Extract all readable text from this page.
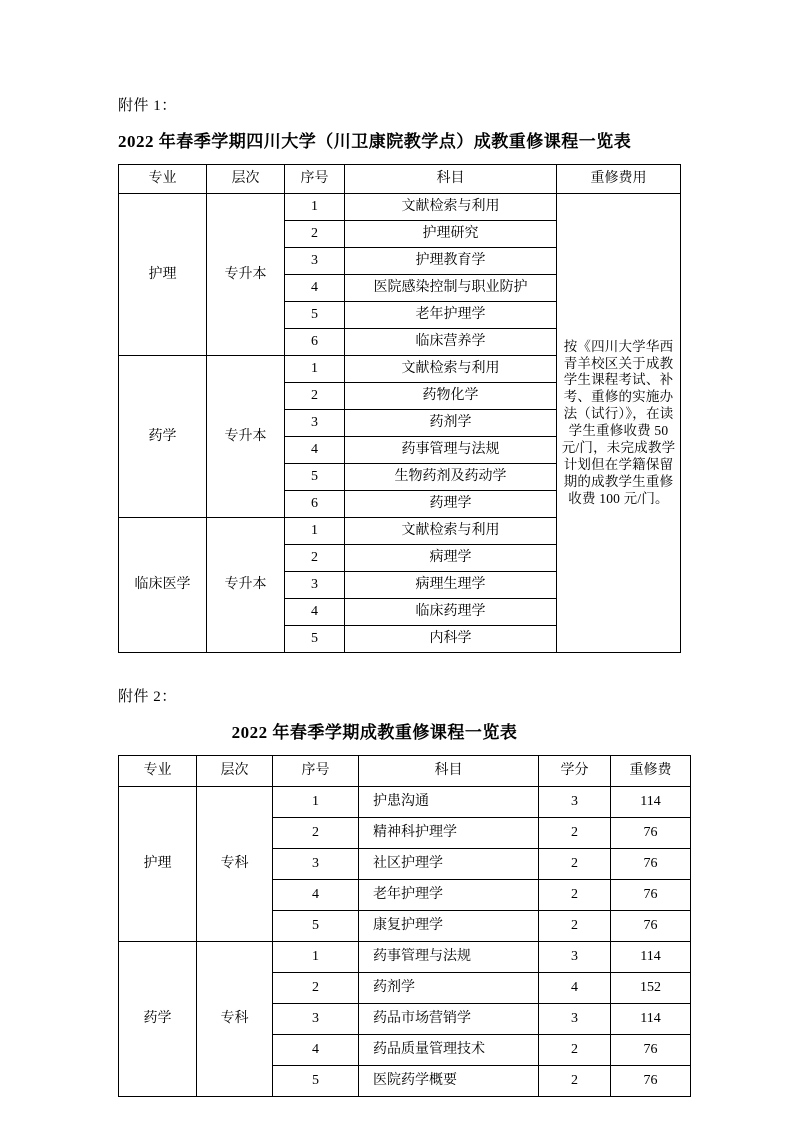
附件 1：

2022 年春季学期四川大学（川卫康院教学点）成教重修课程一览表
专业	层次	序号	科目	重修费用
护理	专升本	1	文献检索与利用	按《四川大学华西青羊校区关于成教学生课程考试、补考、重修的实施办法（试行）》，在读学生重修收费 50 元/门，未完成教学计划但在学籍保留期的成教学生重修收费 100 元/门。
		2	护理研究	
		3	护理教育学	
		4	医院感染控制与职业防护	
		5	老年护理学	
		6	临床营养学	
药学	专升本	1	文献检索与利用	
		2	药物化学	
		3	药剂学	
		4	药事管理与法规	
		5	生物药剂及药动学	
		6	药理学	
临床医学	专升本	1	文献检索与利用	
		2	病理学	
		3	病理生理学	
		4	临床药理学	
		5	内科学	

附件 2：

2022 年春季学期成教重修课程一览表
专业	层次	序号	科目	学分	重修费
护理	专科	1	护患沟通	3	114
		2	精神科护理学	2	76
		3	社区护理学	2	76
		4	老年护理学	2	76
		5	康复护理学	2	76
药学	专科	1	药事管理与法规	3	114
		2	药剂学	4	152
		3	药品市场营销学	3	114
		4	药品质量管理技术	2	76
		5	医院药学概要	2	76
